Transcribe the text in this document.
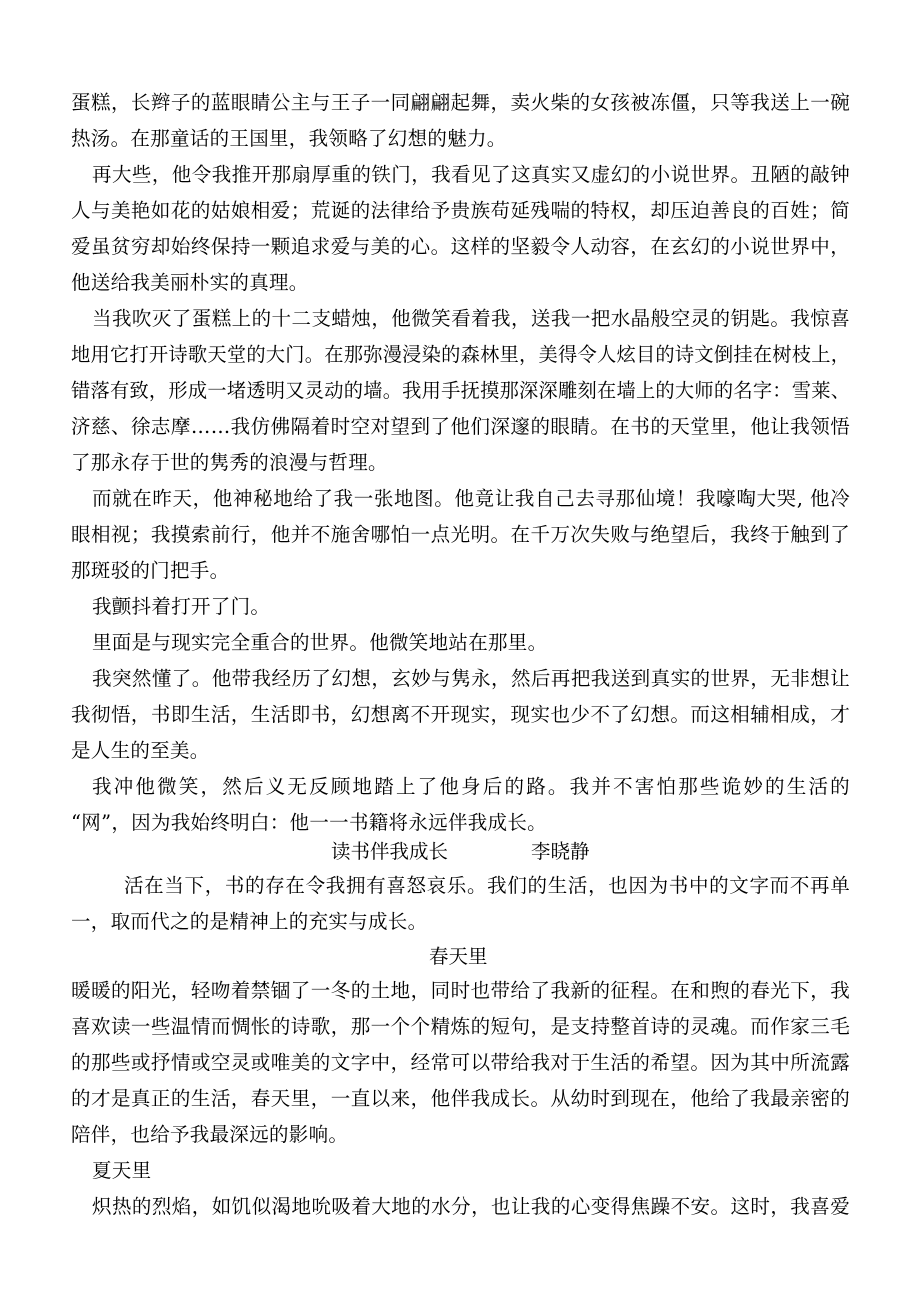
蛋糕，长辫子的蓝眼睛公主与王子一同翩翩起舞，卖火柴的女孩被冻僵，只等我送上一碗
热汤。在那童话的王国里，我领略了幻想的魅力。
再大些，他令我推开那扇厚重的铁门，我看见了这真实又虚幻的小说世界。丑陋的敲钟
人与美艳如花的姑娘相爱；荒诞的法律给予贵族苟延残喘的特权，却压迫善良的百姓；简
爱虽贫穷却始终保持一颗追求爱与美的心。这样的坚毅令人动容，在玄幻的小说世界中，
他送给我美丽朴实的真理。
当我吹灭了蛋糕上的十二支蜡烛，他微笑看着我，送我一把水晶般空灵的钥匙。我惊喜
地用它打开诗歌天堂的大门。在那弥漫浸染的森林里，美得令人炫目的诗文倒挂在树枝上，
错落有致，形成一堵透明又灵动的墙。我用手抚摸那深深雕刻在墙上的大师的名字：雪莱、
济慈、徐志摩……我仿佛隔着时空对望到了他们深邃的眼睛。在书的天堂里，他让我领悟
了那永存于世的隽秀的浪漫与哲理。
而就在昨天，他神秘地给了我一张地图。他竟让我自己去寻那仙境！我嚎啕大哭, 他冷
眼相视；我摸索前行，他并不施舍哪怕一点光明。在千万次失败与绝望后，我终于触到了
那斑驳的门把手。
我颤抖着打开了门。
里面是与现实完全重合的世界。他微笑地站在那里。
我突然懂了。他带我经历了幻想，玄妙与隽永，然后再把我送到真实的世界，无非想让
我彻悟，书即生活，生活即书，幻想离不开现实，现实也少不了幻想。而这相辅相成，才
是人生的至美。
我冲他微笑，然后义无反顾地踏上了他身后的路。我并不害怕那些诡妙的生活的
“网”，因为我始终明白：他一一书籍将永远伴我成长。
读书伴我成长	李晓静
活在当下，书的存在令我拥有喜怒哀乐。我们的生活，也因为书中的文字而不再单
一，取而代之的是精神上的充实与成长。
春天里
暖暖的阳光，轻吻着禁锢了一冬的土地，同时也带给了我新的征程。在和煦的春光下，我
喜欢读一些温情而惆怅的诗歌，那一个个精炼的短句，是支持整首诗的灵魂。而作家三毛
的那些或抒情或空灵或唯美的文字中，经常可以带给我对于生活的希望。因为其中所流露
的才是真正的生活，春天里，一直以来，他伴我成长。从幼时到现在，他给了我最亲密的
陪伴，也给予我最深远的影响。
夏天里
炽热的烈焰，如饥似渴地吮吸着大地的水分，也让我的心变得焦躁不安。这时，我喜爱
